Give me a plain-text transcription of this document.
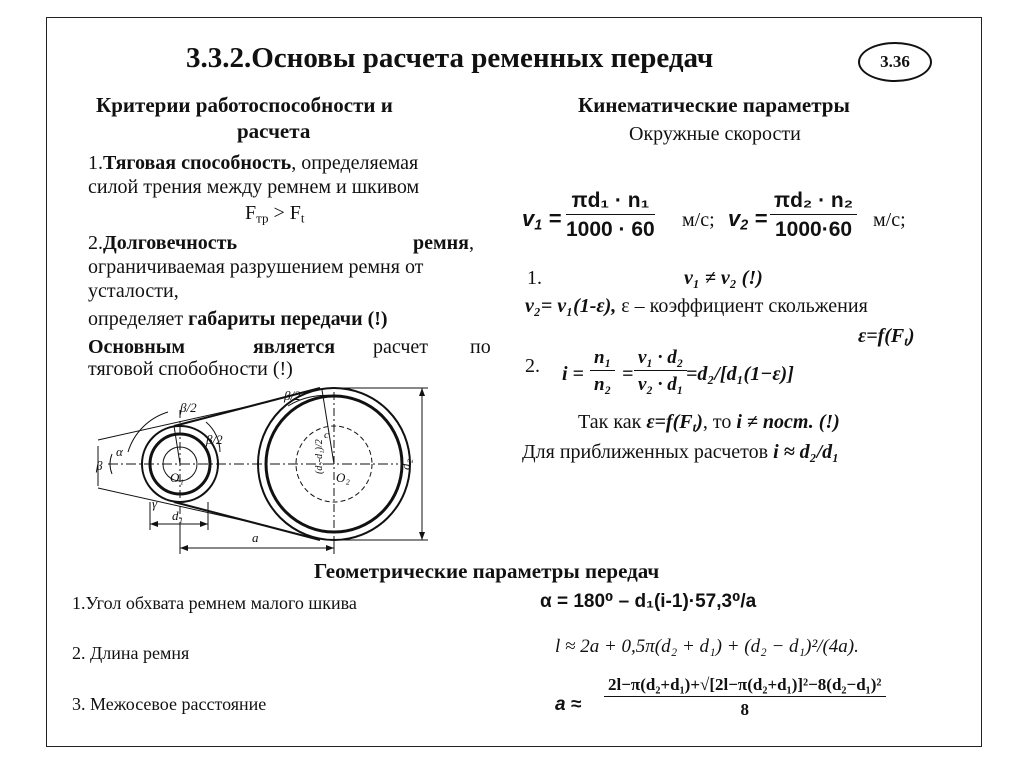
3.3.2.Основы расчета ременных передач	3.36
Критерии работоспособности и
расчета
1.Тяговая способность, определяемая
силой трения между ремнем и шкивом
$F_{тр} > F_t$
2.Долговечность	ремня,
ограничиваемая разрушением ремня от
усталости,
определяет габариты передачи (!)
Основным	является расчет по
тяговой спобобности (!)
β/2
β/2
β/2
α
β
γ
O₁	O₂
d₁
d₂
(d₂-d₁)/2
c
a
Кинематические параметры
Окружные скорости
$v_1 = \frac{\text{πd₁ · n₁}}{1000 \cdot 60} м/с$; $v_2 = \frac{\text{πd₂ · n₂}}{1000\cdot 60} м/с$;
1.	v₁ ≠ v₂ (!)
v₂= v₁(1-ε), ε – коэффициент скольжения
$\varepsilon=f(F_t)$
2. $i = \frac{\text{n₁}}{\text{n₂}} = \frac{\text{v₁ · d₂}}{\text{v₂ · d₁}}$
=d₂/[d₁(1−ε)]
Так как $\varepsilon=f(F_t)$, то i ≠ пост. (!)
Для приближенных расчетов i ≈ d₂/d₁
Геометрические параметры передач
1.Угол обхвата ремнем малого шкива	α = 180⁰ – d₁(i-1)·57,3⁰/a
2. Длина ремня	l ≈ 2a + 0,5π(d₂ + d₁) + (d₂ − d₁)²/(4a).
3. Межосевое расстояние	$a \approx \frac{\text{2l−π(d₂+d₁)+√[2l−π(d₂+d₁)]²−8(d₂−d₁)²}}{8}$
